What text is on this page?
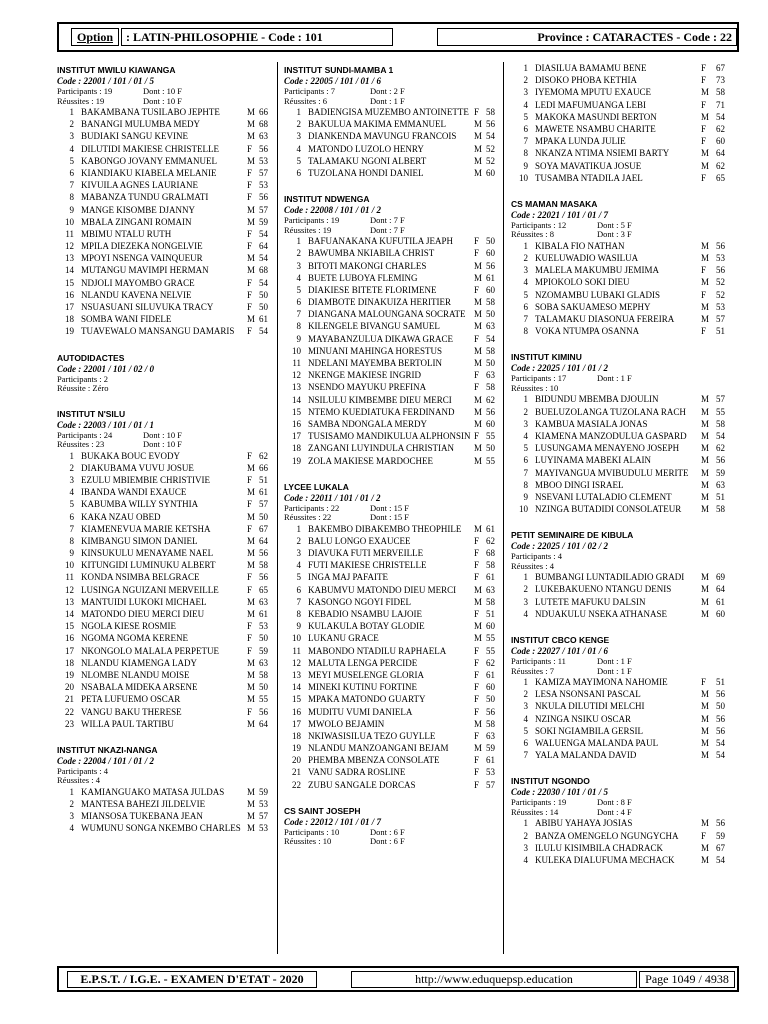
Option	: LATIN-PHILOSOPHIE - Code : 101	Province : CATARACTES - Code : 22
INSTITUT MWILU KIAWANGA
Code : 22001 / 101 / 01 / 5
Participants : 19	Dont : 10 F
Réussites : 19	Dont : 10 F
1 BAKAMBANA TUSILABO JEPHTE	M 66
2 BANANGI MULUMBA MEDY	M 68
3 BUDIAKI SANGU KEVINE	M 63
4 DILUTIDI MAKIESE CHRISTELLE	F 56
5 KABONGO JOVANY EMMANUEL	M 53
6 KIANDIAKU KIABELA MELANIE	F 57
7 KIVUILA AGNES LAURIANE	F 53
8 MABANZA TUNDU GRALMATI	F 56
9 MANGE KISOMBE DJANNY	M 57
10 MBALA ZINGANI ROMAIN	M 59
11 MBIMU NTALU RUTH	F 54
12 MPILA DIEZEKA NONGELVIE	F 64
13 MPOYI NSENGA VAINQUEUR	M 54
14 MUTANGU MAVIMPI HERMAN	M 68
15 NDJOLI MAYOMBO GRACE	F 54
16 NLANDU KAVENA NELVIE	F 50
17 NSUASUANI SILUVUKA TRACY	F 50
18 SOMBA WANI FIDELE	M 61
19 TUAVEWALO MANSANGU DAMARIS F 54
AUTODIDACTES
Code : 22001 / 101 / 02 / 0
Participants : 2
Réussite : Zéro
INSTITUT N'SILU
Code : 22003 / 101 / 01 / 1
Participants : 24	Dont : 10 F
Réussites : 23	Dont : 10 F
1 BUKAKA BOUC EVODY	F 62
2 DIAKUBAMA VUVU JOSUE	M 66
3 EZULU MBIEMBIE CHRISTIVIE	F 51
4 IBANDA WANDI EXAUCE	M 61
5 KABUMBA WILLY SYNTHIA	F 57
6 KAKA NZAU OBED	M 50
7 KIAMENEVUA MARIE KETSHA	F 67
8 KIMBANGU SIMON DANIEL	M 64
9 KINSUKULU MENAYAME NAEL	M 56
10 KITUNGIDI LUMINUKU ALBERT	M 58
11 KONDA NSIMBA BELGRACE	F 56
12 LUSINGA NGUIZANI MERVEILLE	F 65
13 MANTUIDI LUKOKI MICHAEL	M 63
14 MATONDO DIEU MERCI DIEU	M 61
15 NGOLA KIESE ROSMIE	F 53
16 NGOMA NGOMA KERENE	F 50
17 NKONGOLO MALALA PERPETUE	F 59
18 NLANDU KIAMENGA LADY	M 63
19 NLOMBE NLANDU MOISE	M 58
20 NSABALA MIDEKA ARSENE	M 50
21 PETA LUFUEMO OSCAR	M 55
22 VANGU BAKU THERESE	F 56
23 WILLA PAUL TARTIBU	M 64
INSTITUT NKAZI-NANGA
Code : 22004 / 101 / 01 / 2
Participants : 4
Réussites : 4
1 KAMIANGUAKO MATASA JULDAS	M 59
2 MANTESA BAHEZI JILDELVIE	M 53
3 MIANSOSA TUKEBANA JEAN	M 57
4 WUMUNU SONGA NKEMBO CHARLES M 53
INSTITUT SUNDI-MAMBA 1
Code : 22005 / 101 / 01 / 6
Participants : 7	Dont : 2 F
Réussites : 6	Dont : 1 F
1 BADIENGISA MUZEMBO ANTOINETTE F 58
2 BAKULUA MAKIMA EMMANUEL	M 56
3 DIANKENDA MAVUNGU FRANCOIS M 54
4 MATONDO LUZOLO HENRY	M 52
5 TALAMAKU NGONI ALBERT	M 52
6 TUZOLANA HONDI DANIEL	M 60
INSTITUT NDWENGA
Code : 22008 / 101 / 01 / 2
Participants : 19	Dont : 7 F
Réussites : 19	Dont : 7 F
1 BAFUANAKANA KUFUTILA JEAPH F 50
2 BAWUMBA NKIABILA CHRIST	F 60
3 BITOTI MAKONGI CHARLES	M 56
4 BUETE LUBOYA FLEMING	M 61
5 DIAKIESE BITETE FLORIMENE	F 60
6 DIAMBOTE DINAKUIZA HERITIER	M 58
7 DIANGANA MALOUNGANA SOCRATE M 50
8 KILENGELE BIVANGU SAMUEL	M 63
9 MAYABANZULUA DIKAWA GRACE F 54
10 MINUANI MAHINGA HORESTUS	M 58
11 NDELANI MAYEMBA BERTOLIN	M 50
12 NKENGE MAKIESE INGRID	F 63
13 NSENDO MAYUKU PREFINA	F 58
14 NSILULU KIMBEMBE DIEU MERCI M 62
15 NTEMO KUEDIATUKA FERDINAND M 56
16 SAMBA NDONGALA MERDY	M 60
17 TUSISAMO MANDIKULUA ALPHONSIN F 55
18 ZANGANI LUYINDULA CHRISTIAN M 50
19 ZOLA MAKIESE MARDOCHEE	M 55
LYCEE LUKALA
Code : 22011 / 101 / 01 / 2
Participants : 22	Dont : 15 F
Réussites : 22	Dont : 15 F
1 BAKEMBO DIBAKEMBO THEOPHILE M 61
2 BALU LONGO EXAUCEE	F 62
3 DIAVUKA FUTI MERVEILLE	F 68
4 FUTI MAKIESE CHRISTELLE	F 58
5 INGA MAJ PAFAITE	F 61
6 KABUMVU MATONDO DIEU MERCI M 63
7 KASONGO NGOYI FIDEL	M 58
8 KEBADIO NSAMBU LAJOIE	F 51
9 KULAKULA BOTAY GLODIE	M 60
10 LUKANU GRACE	M 55
11 MABONDO NTADILU RAPHAELA	F 55
12 MALUTA LENGA PERCIDE	F 62
13 MEYI MUSELENGE GLORIA	F 61
14 MINEKI KUTINU FORTINE	F 60
15 MPAKA MATONDO GUARTY	F 50
16 MUDITU VUMI DANIELA	F 56
17 MWOLO BEJAMIN	M 58
18 NKIWASISILUA TEZO GUYLLE	F 63
19 NLANDU MANZOANGANI BEJAM	M 59
20 PHEMBA MBENZA CONSOLATE	F 61
21 VANU SADRA ROSLINE	F 53
22 ZUBU SANGALE DORCAS	F 57
CS SAINT JOSEPH
Code : 22012 / 101 / 01 / 7
Participants : 10	Dont : 6 F
Réussites : 10	Dont : 6 F
1 DIASILUA BAMAMU BENE	F 67
2 DISOKO PHOBA KETHIA	F 73
3 IYEMOMA MPUTU EXAUCE	M 58
4 LEDI MAFUMUANGA LEBI	F 71
5 MAKOKA MASUNDI BERTON	M 54
6 MAWETE NSAMBU CHARITE	F 62
7 MPAKA LUNDA JULIE	F 60
8 NKANZA NTIMA NSIEMI BARTY	M 64
9 SOYA MAVATIKUA JOSUE	M 62
10 TUSAMBA NTADILA JAEL	F 65
CS MAMAN MASAKA
Code : 22021 / 101 / 01 / 7
Participants : 12	Dont : 5 F
Réussites : 8	Dont : 3 F
1 KIBALA FIO NATHAN	M 56
2 KUELUWADIO WASILUA	M 53
3 MALELA MAKUMBU JEMIMA	F 56
4 MPIOKOLO SOKI DIEU	M 52
5 NZOMAMBU LUBAKI GLADIS	F 52
6 SOBA SAKUAMESO MEPHY	M 53
7 TALAMAKU DIASONUA FEREIRA	M 57
8 VOKA NTUMPA OSANNA	F 51
INSTITUT KIMINU
Code : 22025 / 101 / 01 / 2
Participants : 17	Dont : 1 F
Réussites : 10
1 BIDUNDU MBEMBA DJOULIN	M 57
2 BUELUZOLANGA TUZOLANA RACH M 55
3 KAMBUA MASIALA JONAS	M 58
4 KIAMENA MANZODULUA GASPARD M 54
5 LUSUNGAMA MENAYENO JOSEPH M 62
6 LUYINAMA MABEKI ALAIN	M 56
7 MAYIVANGUA MVIBUDULU MERITE M 59
8 MBOO DINGI ISRAEL	M 63
9 NSEVANI LUTALADIO CLEMENT	M 51
10 NZINGA BUTADIDI CONSOLATEUR M 58
PETIT SEMINAIRE DE KIBULA
Code : 22025 / 101 / 02 / 2
Participants : 4
Réussites : 4
1 BUMBANGI LUNTADILADIO GRADI M 69
2 LUKEBAKUENO NTANGU DENIS	M 64
3 LUTETE MAFUKU DALSIN	M 61
4 NDUAKULU NSEKA ATHANASE	M 60
INSTITUT CBCO KENGE
Code : 22027 / 101 / 01 / 6
Participants : 11	Dont : 1 F
Réussites : 7	Dont : 1 F
1 KAMIZA MAYIMONA NAHOMIE	F 51
2 LESA NSONSANI PASCAL	M 56
3 NKULA DILUTIDI MELCHI	M 50
4 NZINGA NSIKU OSCAR	M 56
5 SOKI NGIAMBILA GERSIL	M 56
6 WALUENGA MALANDA PAUL	M 54
7 YALA MALANDA DAVID	M 54
INSTITUT NGONDO
Code : 22030 / 101 / 01 / 5
Participants : 19	Dont : 8 F
Réussites : 14	Dont : 4 F
1 ABIBU YAHAYA JOSIAS	M 56
2 BANZA OMENGELO NGUNGYCHA	F 59
3 ILULU KISIMBILA CHADRACK	M 67
4 KULEKA DIALUFUMA MECHACK	M 54
E.P.S.T. / I.G.E. - EXAMEN D'ETAT - 2020	http://www.eduquepsp.education	Page 1049 / 4938
